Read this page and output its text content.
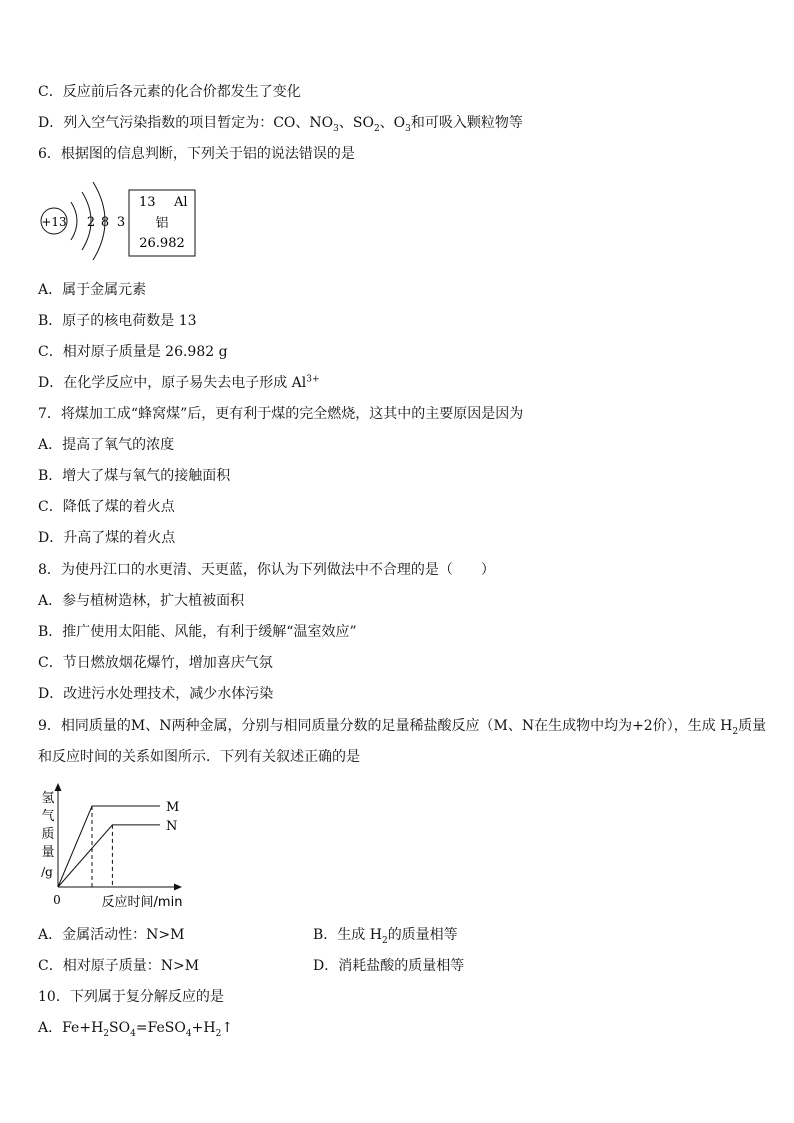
C．反应前后各元素的化合价都发生了变化
D．列入空气污染指数的项目暂定为：CO、$NO_3$、$SO_2$、$O_3$和可吸入颗粒物等
6．根据图的信息判断，下列关于铝的说法错误的是
+13 2 8 3
13 Al
铝
26.982
A．属于金属元素
B．原子的核电荷数是 13
C．相对原子质量是 26.982 g
D．在化学反应中，原子易失去电子形成 $Al^{3+}$
7．将煤加工成“蜂窝煤”后，更有利于煤的完全燃烧，这其中的主要原因是因为
A．提高了氧气的浓度
B．增大了煤与氧气的接触面积
C．降低了煤的着火点
D．升高了煤的着火点
8．为使丹江口的水更清、天更蓝，你认为下列做法中不合理的是（　　）
A．参与植树造林，扩大植被面积
B．推广使用太阳能、风能，有利于缓解“温室效应”
C．节日燃放烟花爆竹，增加喜庆气氛
D．改进污水处理技术，减少水体污染
9．相同质量的M、N两种金属，分别与相同质量分数的足量稀盐酸反应（M、N在生成物中均为+2价），生成 $H_2$质量
和反应时间的关系如图所示．下列有关叙述正确的是
氢
气
质
量
/g
0	反应时间/min
M
N
A．金属活动性：N>M	B．生成 $H_2$的质量相等
C．相对原子质量：N>M	D．消耗盐酸的质量相等
10．下列属于复分解反应的是
A．$Fe+H_2SO_4=FeSO_4+H_2↑$
